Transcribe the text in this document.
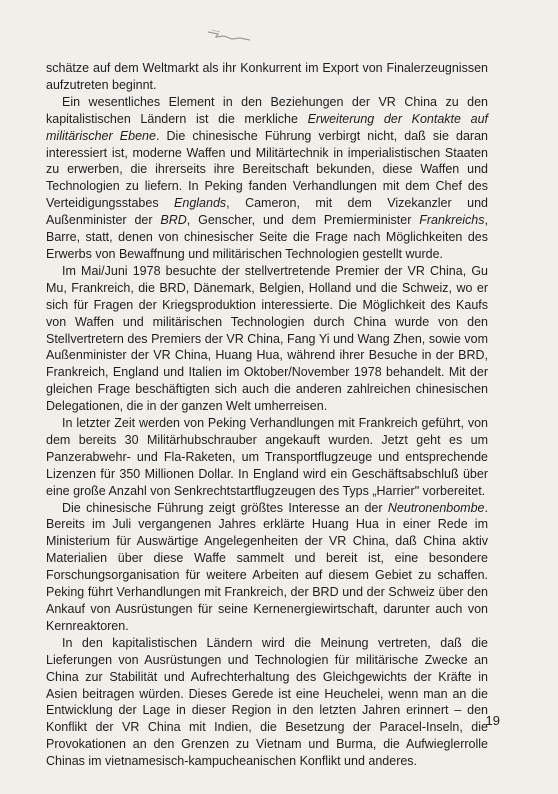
schätze auf dem Weltmarkt als ihr Konkurrent im Export von Finalerzeugnissen aufzutreten beginnt.

Ein wesentliches Element in den Beziehungen der VR China zu den kapitalistischen Ländern ist die merkliche Erweiterung der Kontakte auf militärischer Ebene. Die chinesische Führung verbirgt nicht, daß sie daran interessiert ist, moderne Waffen und Militärtechnik in imperialistischen Staaten zu erwerben, die ihrerseits ihre Bereitschaft bekunden, diese Waffen und Technologien zu liefern. In Peking fanden Verhandlungen mit dem Chef des Verteidigungsstabes Englands, Cameron, mit dem Vizekanzler und Außenminister der BRD, Genscher, und dem Premierminister Frankreichs, Barre, statt, denen von chinesischer Seite die Frage nach Möglichkeiten des Erwerbs von Bewaffnung und militärischen Technologien gestellt wurde.

Im Mai/Juni 1978 besuchte der stellvertretende Premier der VR China, Gu Mu, Frankreich, die BRD, Dänemark, Belgien, Holland und die Schweiz, wo er sich für Fragen der Kriegsproduktion interessierte. Die Möglichkeit des Kaufs von Waffen und militärischen Technologien durch China wurde von den Stellvertretern des Premiers der VR China, Fang Yi und Wang Zhen, sowie vom Außenminister der VR China, Huang Hua, während ihrer Besuche in der BRD, Frankreich, England und Italien im Oktober/November 1978 behandelt. Mit der gleichen Frage beschäftigten sich auch die anderen zahlreichen chinesischen Delegationen, die in der ganzen Welt umherreisen.

In letzter Zeit werden von Peking Verhandlungen mit Frankreich geführt, von dem bereits 30 Militärhubschrauber angekauft wurden. Jetzt geht es um Panzerabwehr- und Fla-Raketen, um Transportflugzeuge und entsprechende Lizenzen für 350 Millionen Dollar. In England wird ein Geschäftsabschluß über eine große Anzahl von Senkrechtstartflugzeugen des Typs „Harrier" vorbereitet.

Die chinesische Führung zeigt größtes Interesse an der Neutronenbombe. Bereits im Juli vergangenen Jahres erklärte Huang Hua in einer Rede im Ministerium für Auswärtige Angelegenheiten der VR China, daß China aktiv Materialien über diese Waffe sammelt und bereit ist, eine besondere Forschungsorganisation für weitere Arbeiten auf diesem Gebiet zu schaffen. Peking führt Verhandlungen mit Frankreich, der BRD und der Schweiz über den Ankauf von Ausrüstungen für seine Kernenergiewirtschaft, darunter auch von Kernreaktoren.

In den kapitalistischen Ländern wird die Meinung vertreten, daß die Lieferungen von Ausrüstungen und Technologien für militärische Zwecke an China zur Stabilität und Aufrechterhaltung des Gleichgewichts der Kräfte in Asien beitragen würden. Dieses Gerede ist eine Heuchelei, wenn man an die Entwicklung der Lage in dieser Region in den letzten Jahren erinnert – den Konflikt der VR China mit Indien, die Besetzung der Paracel-Inseln, die Provokationen an den Grenzen zu Vietnam und Burma, die Aufwieglerrolle Chinas im vietnamesisch-kampucheanischen Konflikt und anderes.

19
